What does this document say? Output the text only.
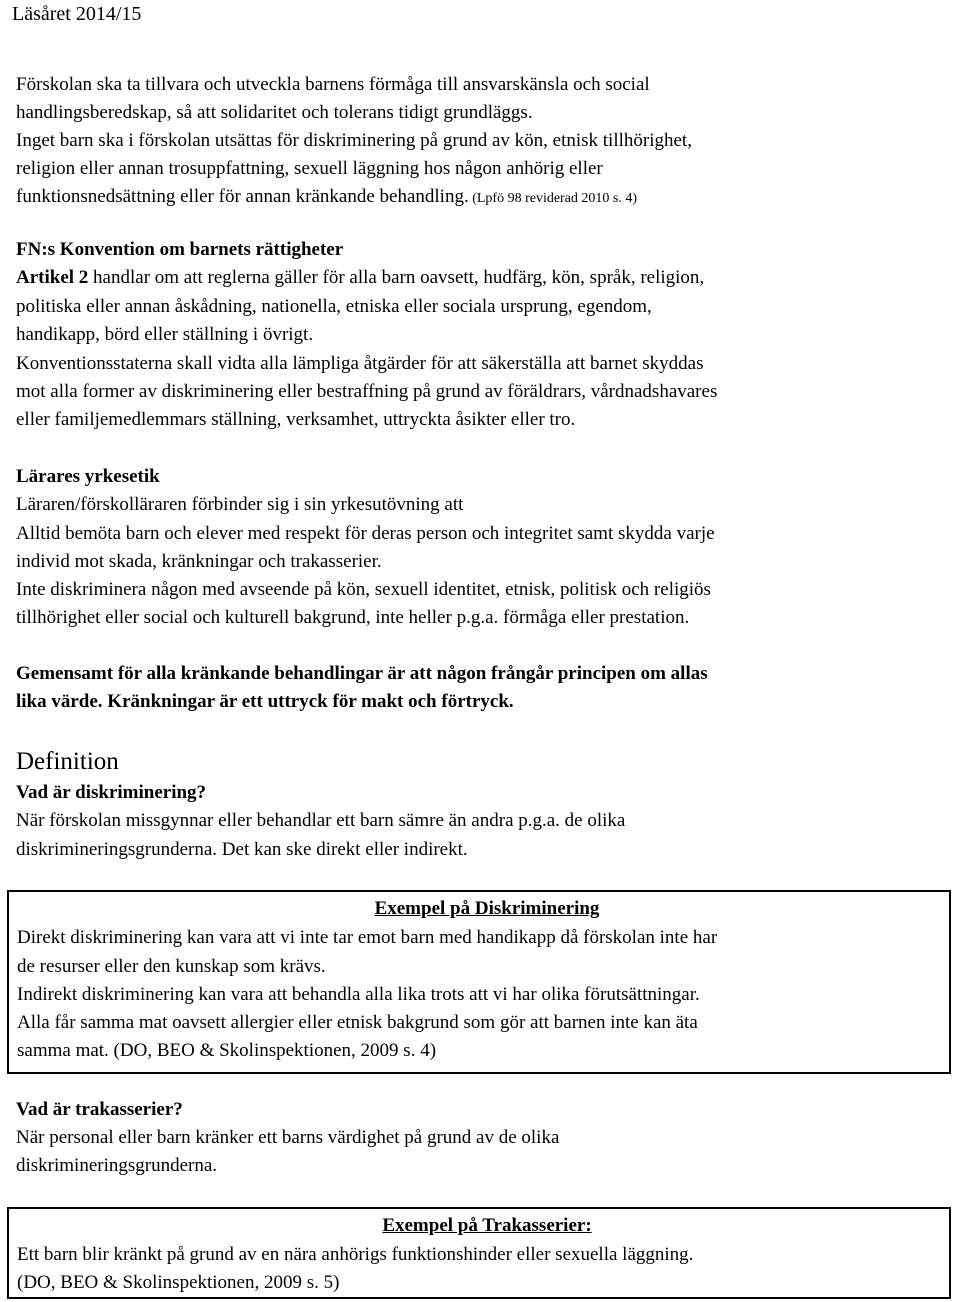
Läsåret 2014/15
Förskolan ska ta tillvara och utveckla barnens förmåga till ansvarskänsla och social
handlingsberedskap, så att solidaritet och tolerans tidigt grundläggs.
Inget barn ska i förskolan utsättas för diskriminering på grund av kön, etnisk tillhörighet,
religion eller annan trosuppfattning, sexuell läggning hos någon anhörig eller
funktionsnedsättning eller för annan kränkande behandling. (Lpfö 98 reviderad 2010 s. 4)
FN:s Konvention om barnets rättigheter
Artikel 2 handlar om att reglerna gäller för alla barn oavsett, hudfärg, kön, språk, religion,
politiska eller annan åskådning, nationella, etniska eller sociala ursprung, egendom,
handikapp, börd eller ställning i övrigt.
Konventionsstaterna skall vidta alla lämpliga åtgärder för att säkerställa att barnet skyddas
mot alla former av diskriminering eller bestraffning på grund av föräldrars, vårdnadshavares
eller familjemedlemmars ställning, verksamhet, uttryckta åsikter eller tro.
Lärares yrkesetik
Läraren/förskolläraren förbinder sig i sin yrkesutövning att
Alltid bemöta barn och elever med respekt för deras person och integritet samt skydda varje
individ mot skada, kränkningar och trakasserier.
Inte diskriminera någon med avseende på kön, sexuell identitet, etnisk, politisk och religiös
tillhörighet eller social och kulturell bakgrund, inte heller p.g.a. förmåga eller prestation.
Gemensamt för alla kränkande behandlingar är att någon frångår principen om allas
lika värde. Kränkningar är ett uttryck för makt och förtryck.
Definition
Vad är diskriminering?
När förskolan missgynnar eller behandlar ett barn sämre än andra p.g.a. de olika
diskrimineringsgrunderna. Det kan ske direkt eller indirekt.
Exempel på Diskriminering
Direkt diskriminering kan vara att vi inte tar emot barn med handikapp då förskolan inte har
de resurser eller den kunskap som krävs.
Indirekt diskriminering kan vara att behandla alla lika trots att vi har olika förutsättningar.
Alla får samma mat oavsett allergier eller etnisk bakgrund som gör att barnen inte kan äta
samma mat. (DO, BEO & Skolinspektionen, 2009 s. 4)
Vad är trakasserier?
När personal eller barn kränker ett barns värdighet på grund av de olika
diskrimineringsgrunderna.
Exempel på Trakasserier:
Ett barn blir kränkt på grund av en nära anhörigs funktionshinder eller sexuella läggning.
(DO, BEO & Skolinspektionen, 2009 s. 5)
